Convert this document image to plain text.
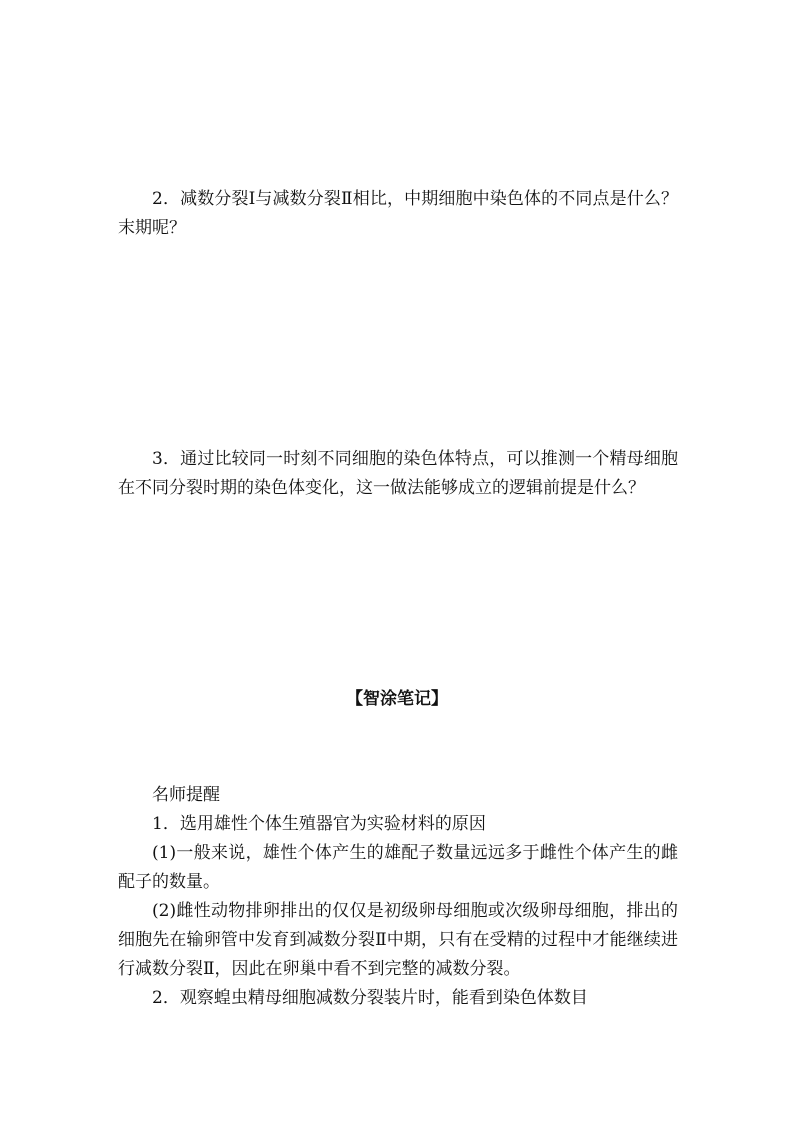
2．减数分裂Ⅰ与减数分裂Ⅱ相比，中期细胞中染色体的不同点是什么？末期呢？

3．通过比较同一时刻不同细胞的染色体特点，可以推测一个精母细胞在不同分裂时期的染色体变化，这一做法能够成立的逻辑前提是什么？

【智涂笔记】

名师提醒

1．选用雄性个体生殖器官为实验材料的原因

(1)一般来说，雄性个体产生的雄配子数量远远多于雌性个体产生的雌配子的数量。

(2)雌性动物排卵排出的仅仅是初级卵母细胞或次级卵母细胞，排出的细胞先在输卵管中发育到减数分裂Ⅱ中期，只有在受精的过程中才能继续进行减数分裂Ⅱ，因此在卵巢中看不到完整的减数分裂。

2．观察蝗虫精母细胞减数分裂装片时，能看到染色体数目
